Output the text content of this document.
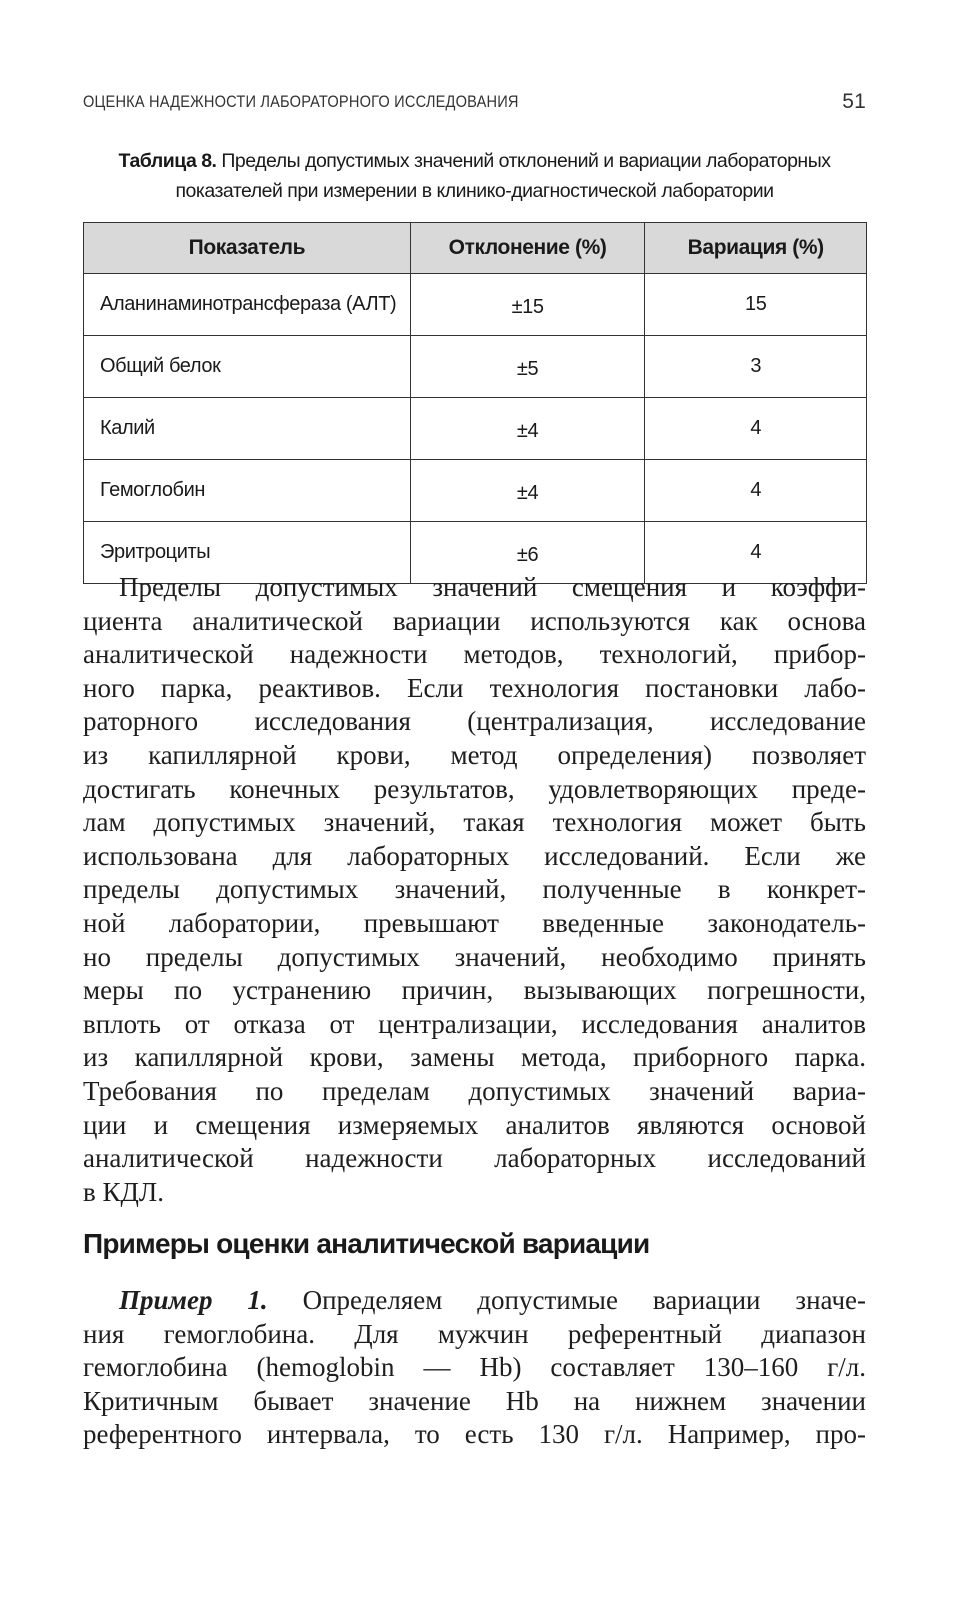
ОЦЕНКА НАДЕЖНОСТИ ЛАБОРАТОРНОГО ИССЛЕДОВАНИЯ	51
Таблица 8. Пределы допустимых значений отклонений и вариации лабораторных
показателей при измерении в клинико-диагностической лаборатории
Показатель	Отклонение (%)	Вариация (%)
Аланинаминотрансфераза (АЛТ)	±15	15
Общий белок	±5	3
Калий	±4	4
Гемоглобин	±4	4
Эритроциты	±6	4
Пределы допустимых значений смещения и коэффи-
циента аналитической вариации используются как основа
аналитической надежности методов, технологий, прибор-
ного парка, реактивов. Если технология постановки лабо-
раторного исследования (централизация, исследование
из капиллярной крови, метод определения) позволяет
достигать конечных результатов, удовлетворяющих преде-
лам допустимых значений, такая технология может быть
использована для лабораторных исследований. Если же
пределы допустимых значений, полученные в конкрет-
ной лаборатории, превышают введенные законодатель-
но пределы допустимых значений, необходимо принять
меры по устранению причин, вызывающих погрешности,
вплоть от отказа от централизации, исследования аналитов
из капиллярной крови, замены метода, приборного парка.
Требования по пределам допустимых значений вариа-
ции и смещения измеряемых аналитов являются основой
аналитической надежности лабораторных исследований
в КДЛ.
Примеры оценки аналитической вариации
Пример 1. Определяем допустимые вариации значе-
ния гемоглобина. Для мужчин референтный диапазон
гемоглобина (hemoglobin — Hb) составляет 130–160 г/л.
Критичным бывает значение Hb на нижнем значении
референтного интервала, то есть 130 г/л. Например, про-
